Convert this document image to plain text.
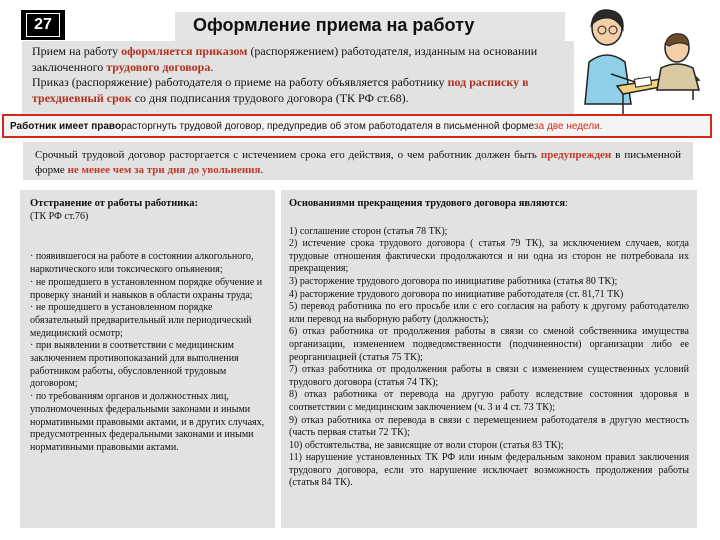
27	Оформление приема на работу
Прием на работу оформляется приказом (распоряжением) работодателя, изданным на основании заключенного трудового договора.
Приказ (распоряжение) работодателя о приеме на работу объявляется работнику под расписку в трехдневный срок со дня подписания трудового договора (ТК РФ ст.68).
Работник имеет право расторгнуть трудовой договор, предупредив об этом работодателя в письменной форме за две недели.
Срочный трудовой договор расторгается с истечением срока его действия, о чем работник должен быть предупрежден в письменной форме не менее чем за три дня до увольнения.
Отстранение от работы работника:
(ТК РФ ст.76)
· появившегося на работе в состоянии алкогольного, наркотического или токсического опьянения;
· не прошедшего в установленном порядке обучение и проверку знаний и навыков в области охраны труда;
· не прошедшего в установленном порядке обязательный предварительный или периодический медицинский осмотр;
· при выявлении в соответствии с медицинским заключением противопоказаний для выполнения работником работы, обусловленной трудовым договором;
· по требованиям органов и должностных лиц, уполномоченных федеральными законами и иными нормативными правовыми актами, и в других случаях, предусмотренных федеральными законами и иными нормативными правовыми актами.
Основаниями прекращения трудового договора являются:
1) соглашение сторон (статья 78 ТК);
2) истечение срока трудового договора ( статья 79 ТК), за исключением случаев, когда трудовые отношения фактически продолжаются и ни одна из сторон не потребовала их прекращения;
3) расторжение трудового договора по инициативе работника (статья 80 ТК);
4) расторжение трудового договора по инициативе работодателя (ст. 81,71 ТК)
5) перевод работника по его просьбе или с его согласия на работу к другому работодателю или перевод на выборную работу (должность);
6) отказ работника от продолжения работы в связи со сменой собственника имущества организации, изменением подведомственности (подчиненности) организации либо ее реорганизацией (статья 75 ТК);
7) отказ работника от продолжения работы в связи с изменением существенных условий трудового договора (статья 74 ТК);
8) отказ работника от перевода на другую работу вследствие состояния здоровья в соответствии с медицинским заключением (ч. 3 и 4 ст. 73 ТК);
9) отказ работника от перевода в связи с перемещением работодателя в другую местность (часть первая статьи 72 ТК);
10) обстоятельства, не зависящие от воли сторон (статья 83 ТК);
11) нарушение установленных ТК РФ или иным федеральным законом правил заключения трудового договора, если это нарушение исключает возможность продолжения работы (статья 84 ТК).
